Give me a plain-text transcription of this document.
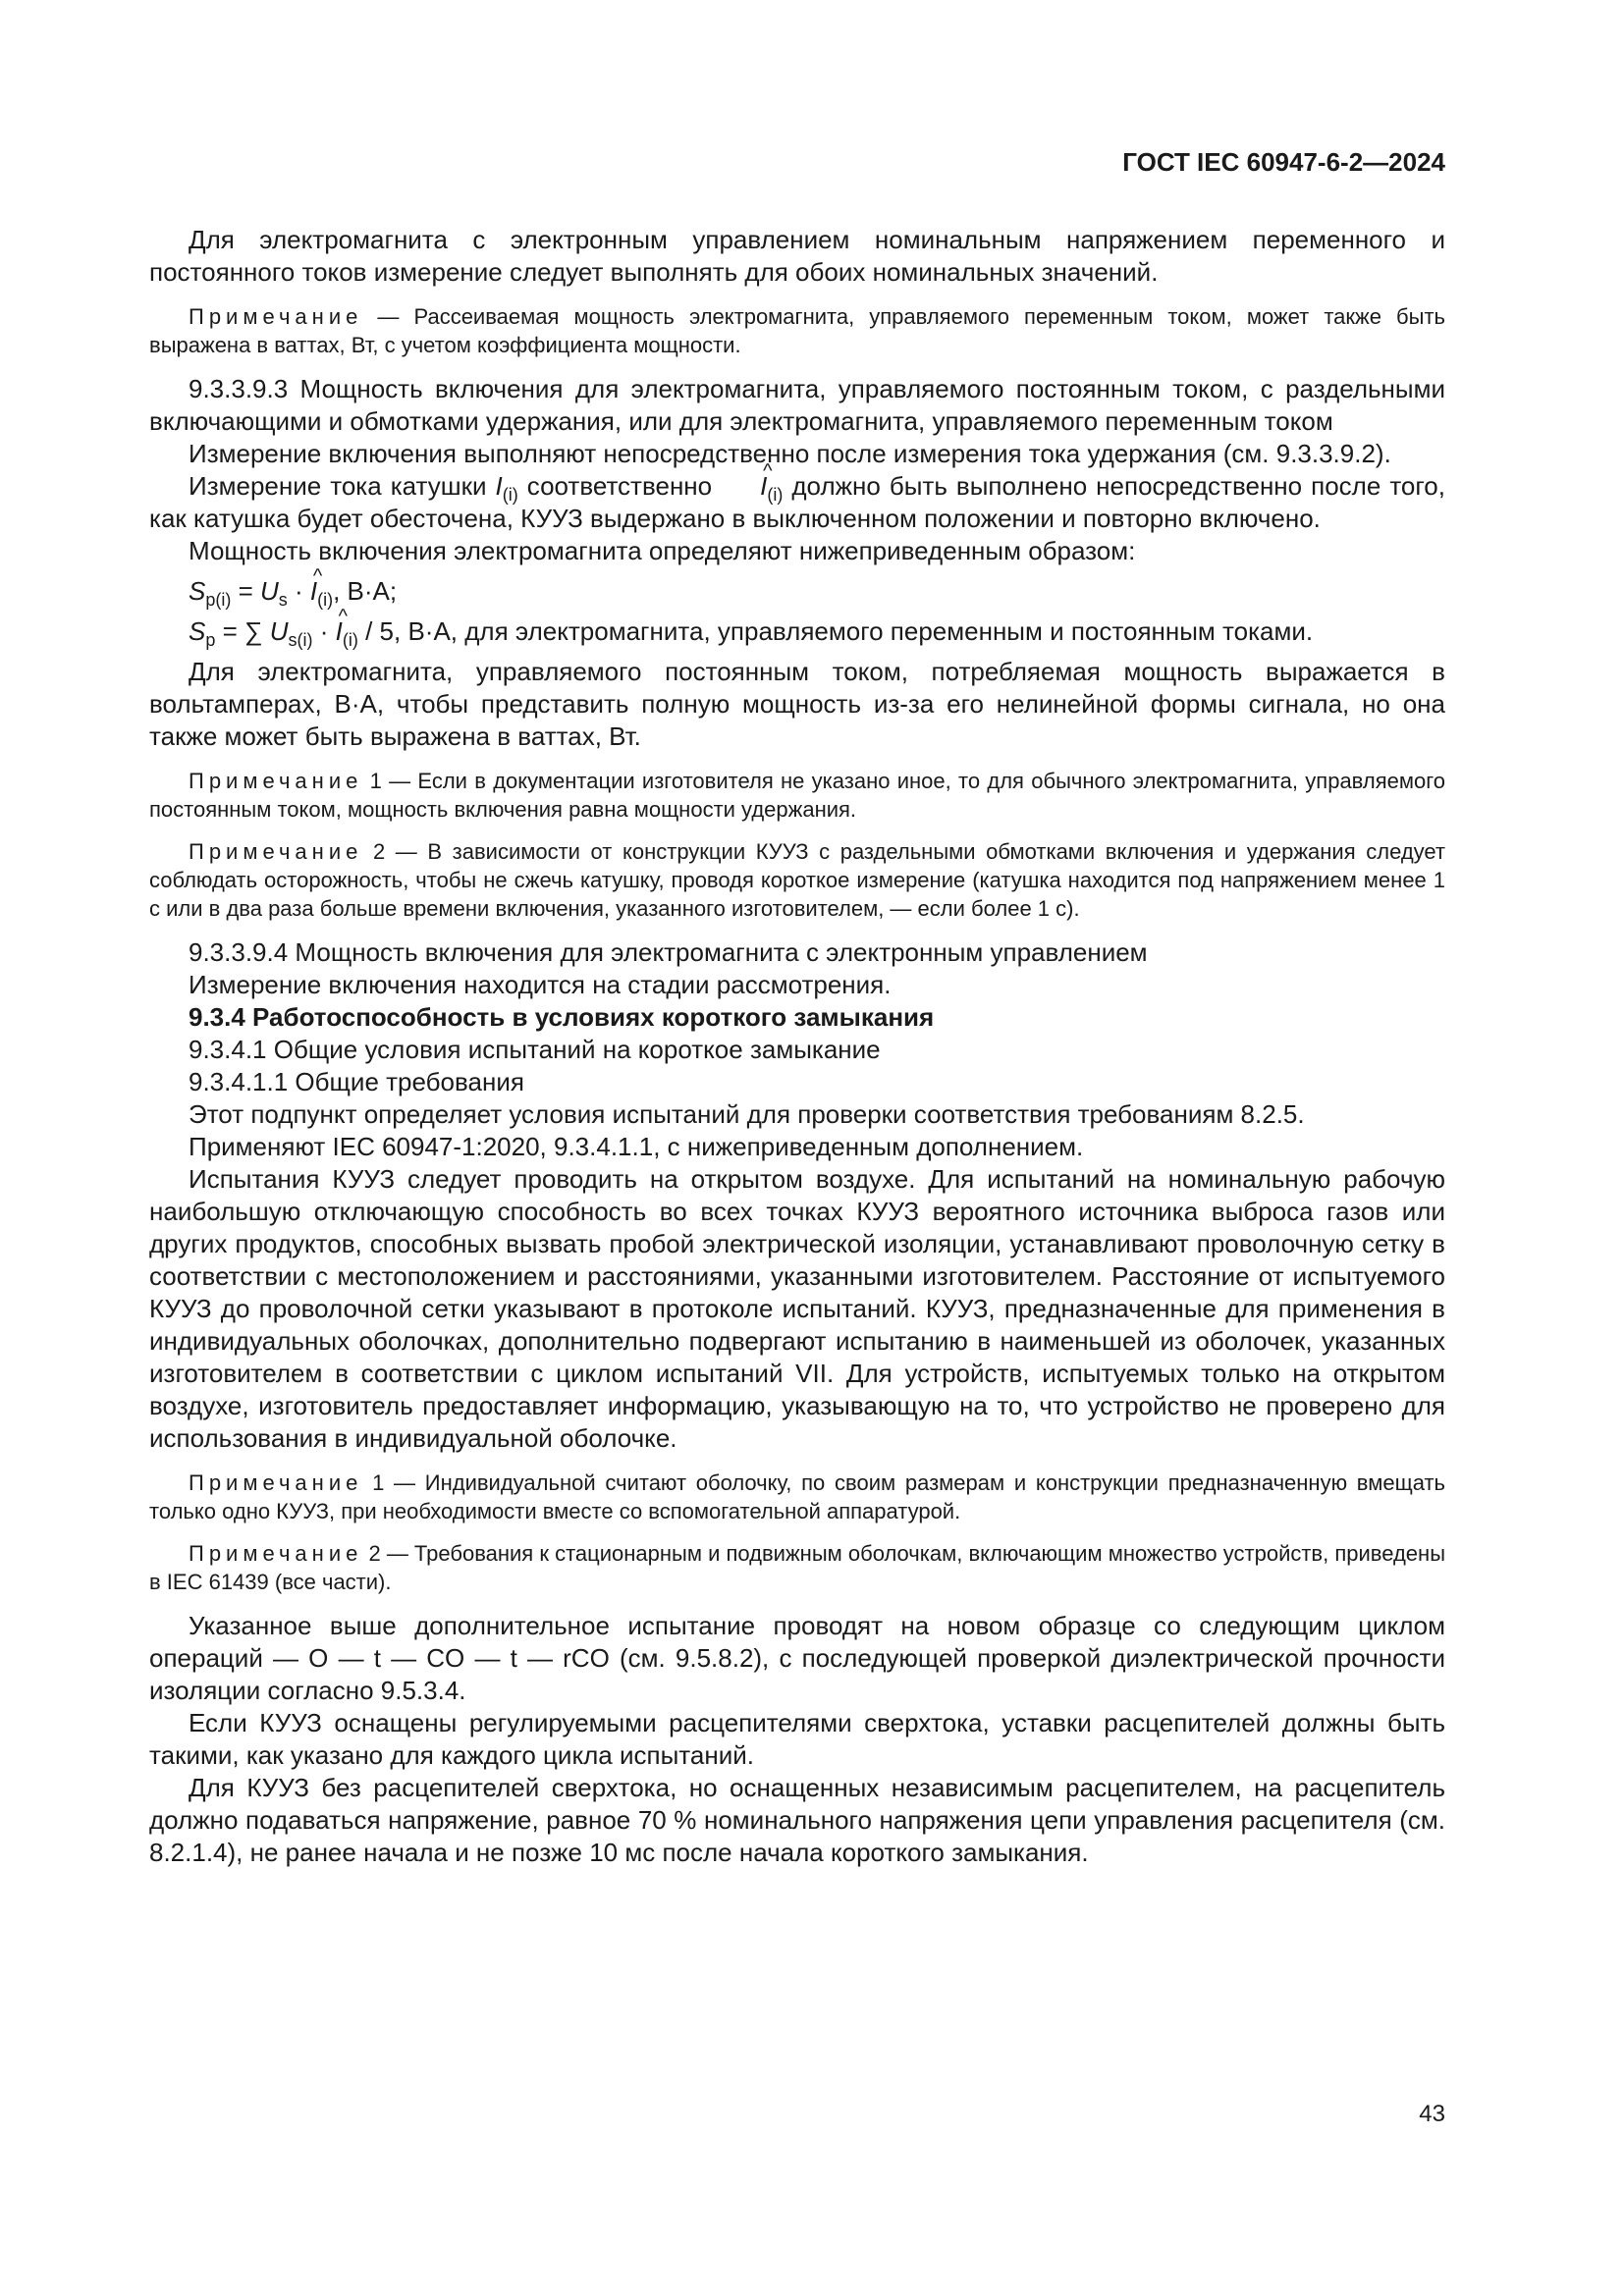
ГОСТ IEC 60947-6-2—2024

Для электромагнита с электронным управлением номинальным напряжением переменного и постоянного токов измерение следует выполнять для обоих номинальных значений.

Примечание — Рассеиваемая мощность электромагнита, управляемого переменным током, может также быть выражена в ваттах, Вт, с учетом коэффициента мощности.

9.3.3.9.3 Мощность включения для электромагнита, управляемого постоянным током, с раздельными включающими и обмотками удержания, или для электромагнита, управляемого переменным током

Измерение включения выполняют непосредственно после измерения тока удержания (см. 9.3.3.9.2).

Измерение тока катушки $I_{(i)}$ соответственно ^ $I_{(i)}$ должно быть выполнено непосредственно после того, как катушка будет обесточена, КУУЗ выдержано в выключенном положении и повторно включено.

Мощность включения электромагнита определяют нижеприведенным образом:

$S_{p(i)} = U_s$ · ^ $I_{(i)}$, В·А;
$S_p$ = ∑ $U_{s(i)}$ · ^ $I_{(i)} / 5$, В·А, для электромагнита, управляемого переменным и постоянным токами.

Для электромагнита, управляемого постоянным током, потребляемая мощность выражается в вольтамперах, В·А, чтобы представить полную мощность из-за его нелинейной формы сигнала, но она также может быть выражена в ваттах, Вт.

Примечание 1 — Если в документации изготовителя не указано иное, то для обычного электромагнита, управляемого постоянным током, мощность включения равна мощности удержания.

Примечание 2 — В зависимости от конструкции КУУЗ с раздельными обмотками включения и удержания следует соблюдать осторожность, чтобы не сжечь катушку, проводя короткое измерение (катушка находится под напряжением менее 1 с или в два раза больше времени включения, указанного изготовителем, — если более 1 с).

9.3.3.9.4 Мощность включения для электромагнита с электронным управлением

Измерение включения находится на стадии рассмотрения.

9.3.4 Работоспособность в условиях короткого замыкания

9.3.4.1 Общие условия испытаний на короткое замыкание

9.3.4.1.1 Общие требования

Этот подпункт определяет условия испытаний для проверки соответствия требованиям 8.2.5.

Применяют IEC 60947-1:2020, 9.3.4.1.1, с нижеприведенным дополнением.

Испытания КУУЗ следует проводить на открытом воздухе. Для испытаний на номинальную рабочую наибольшую отключающую способность во всех точках КУУЗ вероятного источника выброса газов или других продуктов, способных вызвать пробой электрической изоляции, устанавливают проволочную сетку в соответствии с местоположением и расстояниями, указанными изготовителем. Расстояние от испытуемого КУУЗ до проволочной сетки указывают в протоколе испытаний. КУУЗ, предназначенные для применения в индивидуальных оболочках, дополнительно подвергают испытанию в наименьшей из оболочек, указанных изготовителем в соответствии с циклом испытаний VII. Для устройств, испытуемых только на открытом воздухе, изготовитель предоставляет информацию, указывающую на то, что устройство не проверено для использования в индивидуальной оболочке.

Примечание 1 — Индивидуальной считают оболочку, по своим размерам и конструкции предназначенную вмещать только одно КУУЗ, при необходимости вместе со вспомогательной аппаратурой.

Примечание 2 — Требования к стационарным и подвижным оболочкам, включающим множество устройств, приведены в IEC 61439 (все части).

Указанное выше дополнительное испытание проводят на новом образце со следующим циклом операций — O — t — CO — t — rCO (см. 9.5.8.2), с последующей проверкой диэлектрической прочности изоляции согласно 9.5.3.4.

Если КУУЗ оснащены регулируемыми расцепителями сверхтока, уставки расцепителей должны быть такими, как указано для каждого цикла испытаний.

Для КУУЗ без расцепителей сверхтока, но оснащенных независимым расцепителем, на расцепитель должно подаваться напряжение, равное 70 % номинального напряжения цепи управления расцепителя (см. 8.2.1.4), не ранее начала и не позже 10 мс после начала короткого замыкания.

43
